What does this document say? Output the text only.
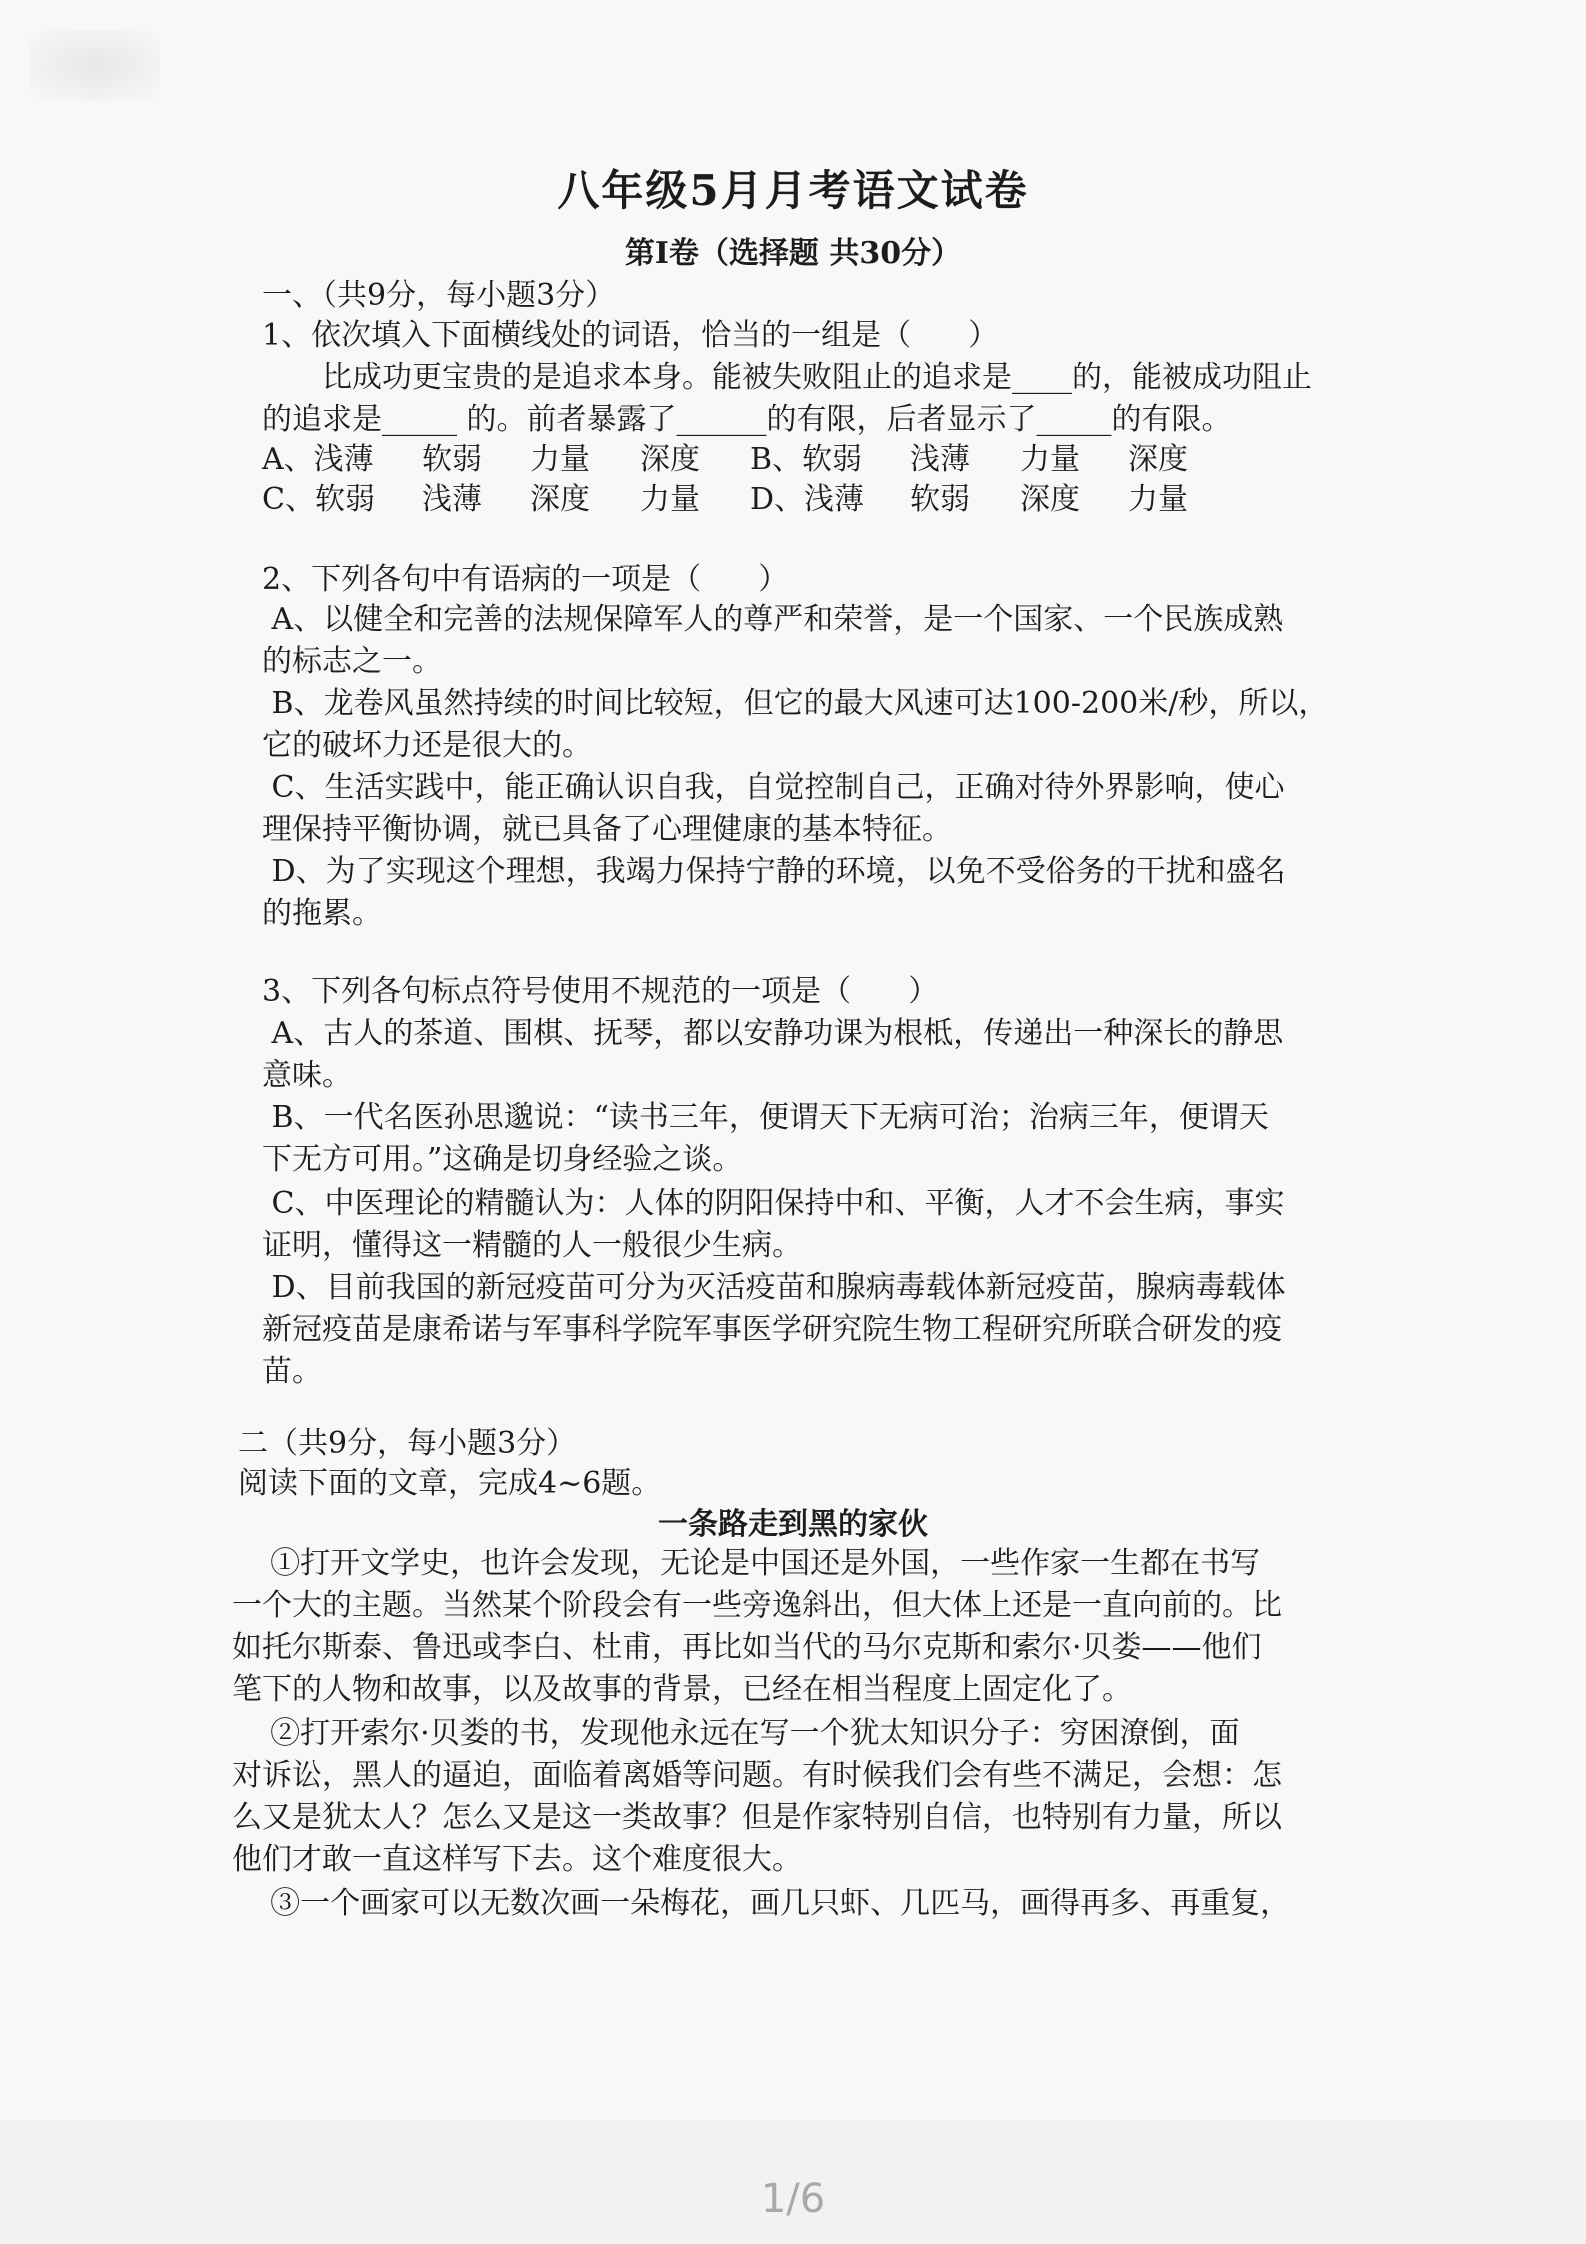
八年级5月月考语文试卷
第Ⅰ卷（选择题 共30分）
一、（共9分，每小题3分）
1、依次填入下面横线处的词语，恰当的一组是（      ）
比成功更宝贵的是追求本身。能被失败阻止的追求是____的，能被成功阻止
的追求是_____ 的。前者暴露了______的有限，后者显示了_____的有限。
A、浅薄 软弱 力量 深度 B、软弱 浅薄 力量 深度
C、软弱 浅薄 深度 力量 D、浅薄 软弱 深度 力量
2、下列各句中有语病的一项是（      ）
A、以健全和完善的法规保障军人的尊严和荣誉，是一个国家、一个民族成熟
的标志之一。
B、龙卷风虽然持续的时间比较短，但它的最大风速可达100-200米/秒，所以，
它的破坏力还是很大的。
C、生活实践中，能正确认识自我，自觉控制自己，正确对待外界影响，使心
理保持平衡协调，就已具备了心理健康的基本特征。
D、为了实现这个理想，我竭力保持宁静的环境，以免不受俗务的干扰和盛名
的拖累。
3、下列各句标点符号使用不规范的一项是（      ）
A、古人的茶道、围棋、抚琴，都以安静功课为根柢，传递出一种深长的静思
意味。
B、一代名医孙思邈说：“读书三年，便谓天下无病可治；治病三年，便谓天
下无方可用。”这确是切身经验之谈。
C、中医理论的精髓认为：人体的阴阳保持中和、平衡，人才不会生病，事实
证明，懂得这一精髓的人一般很少生病。
D、目前我国的新冠疫苗可分为灭活疫苗和腺病毒载体新冠疫苗，腺病毒载体
新冠疫苗是康希诺与军事科学院军事医学研究院生物工程研究所联合研发的疫
苗。
二（共9分，每小题3分）
阅读下面的文章，完成4~6题。
一条路走到黑的家伙
①打开文学史，也许会发现，无论是中国还是外国，一些作家一生都在书写
一个大的主题。当然某个阶段会有一些旁逸斜出，但大体上还是一直向前的。比
如托尔斯泰、鲁迅或李白、杜甫，再比如当代的马尔克斯和索尔·贝娄——他们
笔下的人物和故事，以及故事的背景，已经在相当程度上固定化了。
②打开索尔·贝娄的书，发现他永远在写一个犹太知识分子：穷困潦倒，面
对诉讼，黑人的逼迫，面临着离婚等问题。有时候我们会有些不满足，会想：怎
么又是犹太人？怎么又是这一类故事？但是作家特别自信，也特别有力量，所以
他们才敢一直这样写下去。这个难度很大。
③一个画家可以无数次画一朵梅花，画几只虾、几匹马，画得再多、再重复，
1/6
